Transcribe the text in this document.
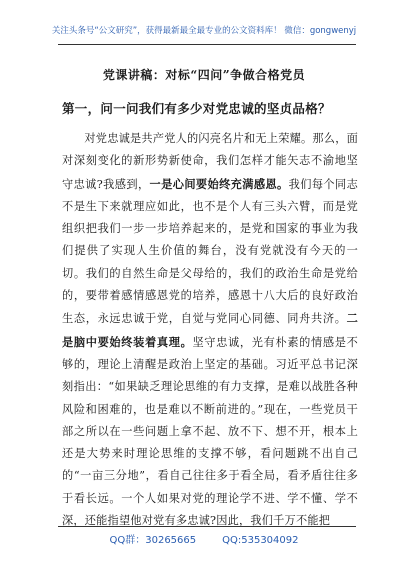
关注头条号“公文研究”，获得最新最全最专业的公文资料库！ 微信：gongwenyj
党课讲稿：对标“四问”争做合格党员
第一，问一问我们有多少对党忠诚的坚贞品格？

对党忠诚是共产党人的闪亮名片和无上荣耀。那么，面对深刻变化的新形势新使命，我们怎样才能矢志不渝地坚守忠诚?我感到，一是心间要始终充满感恩。我们每个同志不是生下来就理应如此，也不是个人有三头六臂，而是党组织把我们一步一步培养起来的，是党和国家的事业为我们提供了实现人生价值的舞台，没有党就没有今天的一切。我们的自然生命是父母给的，我们的政治生命是党给的，要带着感情感恩党的培养，感恩十八大后的良好政治生态，永远忠诚于党，自觉与党同心同德、同舟共济。二是脑中要始终装着真理。坚守忠诚，光有朴素的情感是不够的，理论上清醒是政治上坚定的基础。习近平总书记深刻指出：“如果缺乏理论思维的有力支撑，是难以战胜各种风险和困难的，也是难以不断前进的。”现在，一些党员干部之所以在一些问题上拿不起、放不下、想不开，根本上还是大势来时理论思维的支撑不够，看问题跳不出自己的“一亩三分地”，看自己往往多于看全局，看矛盾往往多于看长远。一个人如果对党的理论学不进、学不懂、学不深，还能指望他对党有多忠诚?因此，我们千万不能把

QQ群：30265665	QQ:535304092
